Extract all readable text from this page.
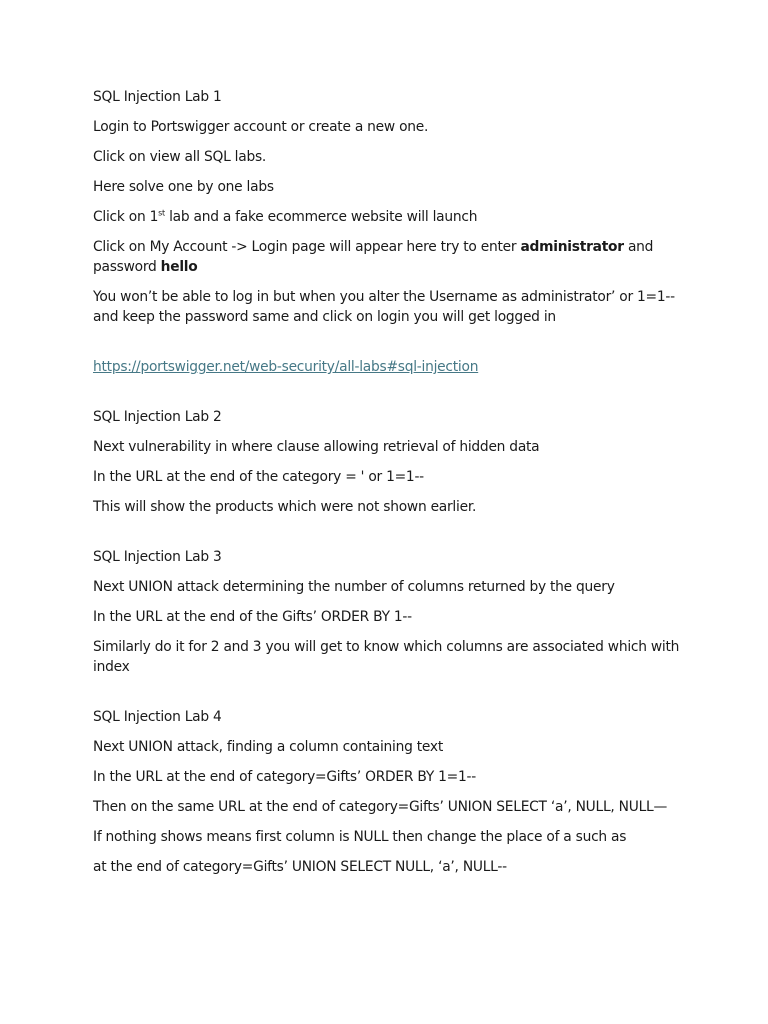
SQL Injection Lab 1

Login to Portswigger account or create a new one.

Click on view all SQL labs.

Here solve one by one labs

Click on 1st lab and a fake ecommerce website will launch

Click on My Account -> Login page will appear here try to enter administrator and password hello

You won’t be able to log in but when you alter the Username as administrator’ or 1=1-- and keep the password same and click on login you will get logged in

https://portswigger.net/web-security/all-labs#sql-injection

SQL Injection Lab 2

Next vulnerability in where clause allowing retrieval of hidden data

In the URL at the end of the category = ' or 1=1--

This will show the products which were not shown earlier.

SQL Injection Lab 3

Next UNION attack determining the number of columns returned by the query

In the URL at the end of the Gifts’ ORDER BY 1--

Similarly do it for 2 and 3 you will get to know which columns are associated which with index

SQL Injection Lab 4

Next UNION attack, finding a column containing text

In the URL at the end of category=Gifts’ ORDER BY 1=1--

Then on the same URL at the end of category=Gifts’ UNION SELECT ‘a’, NULL, NULL—

If nothing shows means first column is NULL then change the place of a such as

at the end of category=Gifts’ UNION SELECT NULL, ‘a’, NULL--
